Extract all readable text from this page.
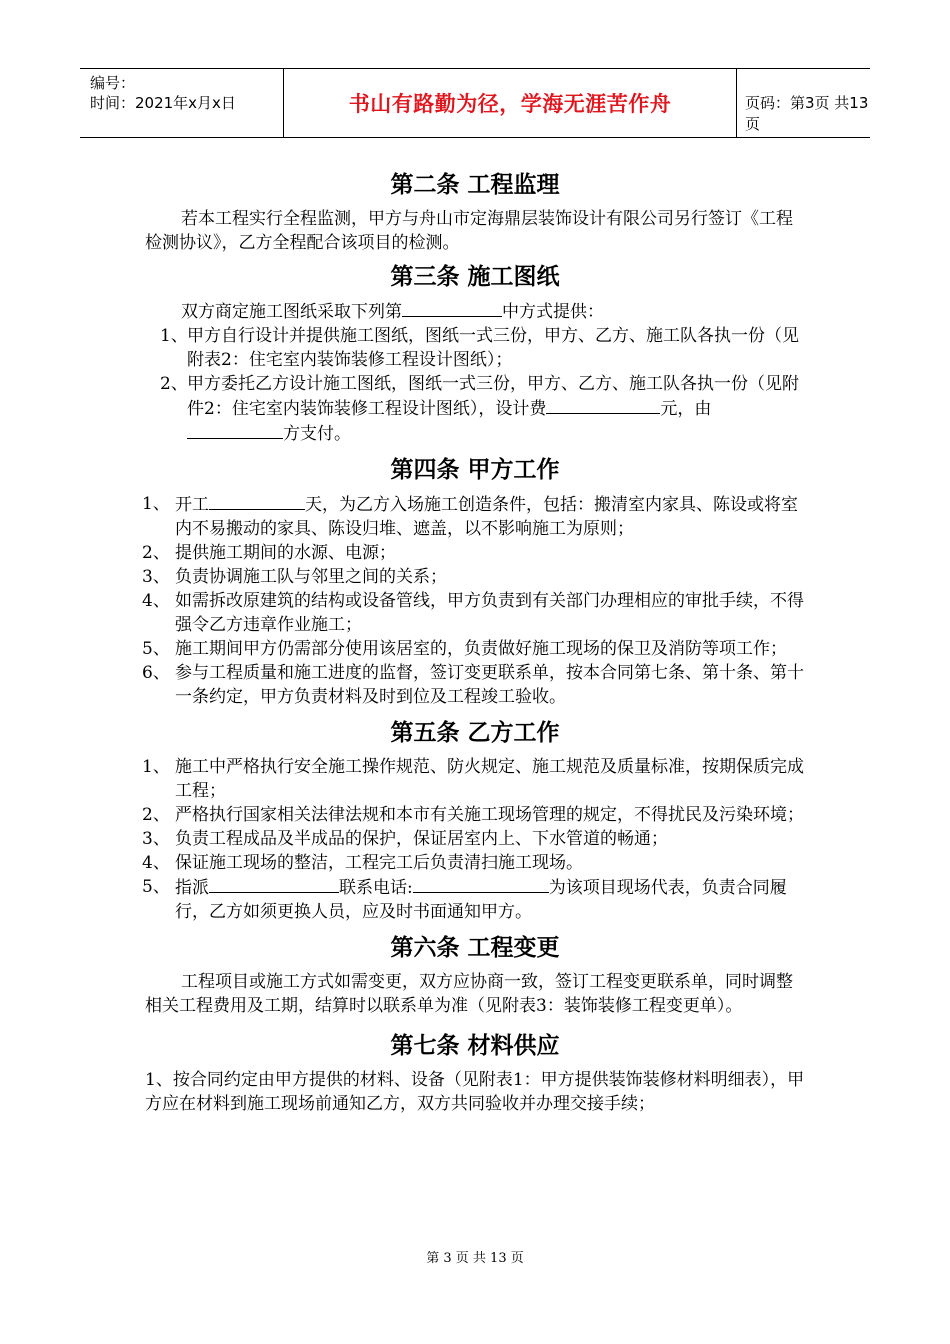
编号：
时间：2021年x月x日	书山有路勤为径，学海无涯苦作舟	页码：第3页 共13页
第二条 工程监理

若本工程实行全程监测，甲方与舟山市定海鼎层装饰设计有限公司另行签订《工程检测协议》，乙方全程配合该项目的检测。

第三条 施工图纸

双方商定施工图纸采取下列第	中方式提供：

1、 甲方自行设计并提供施工图纸，图纸一式三份，甲方、乙方、施工队各执一份（见附表2：住宅室内装饰装修工程设计图纸）；
2、 甲方委托乙方设计施工图纸，图纸一式三份，甲方、乙方、施工队各执一份（见附件2：住宅室内装饰装修工程设计图纸），设计费	元，由方支付。
第四条 甲方工作
1、 开工	天，为乙方入场施工创造条件，包括：搬清室内家具、陈设或将室内不易搬动的家具、陈设归堆、遮盖，以不影响施工为原则；
2、 提供施工期间的水源、电源；
3、 负责协调施工队与邻里之间的关系；
4、 如需拆改原建筑的结构或设备管线，甲方负责到有关部门办理相应的审批手续，不得强令乙方违章作业施工；
5、 施工期间甲方仍需部分使用该居室的，负责做好施工现场的保卫及消防等项工作；
6、 参与工程质量和施工进度的监督，签订变更联系单，按本合同第七条、第十条、第十一条约定，甲方负责材料及时到位及工程竣工验收。
第五条 乙方工作
1、 施工中严格执行安全施工操作规范、防火规定、施工规范及质量标准，按期保质完成工程；
2、 严格执行国家相关法律法规和本市有关施工现场管理的规定，不得扰民及污染环境；
3、 负责工程成品及半成品的保护，保证居室内上、下水管道的畅通；
4、 保证施工现场的整洁，工程完工后负责清扫施工现场。
5、 指派	联系电话:	为该项目现场代表，负责合同履行，乙方如须更换人员，应及时书面通知甲方。
第六条 工程变更

工程项目或施工方式如需变更，双方应协商一致，签订工程变更联系单，同时调整相关工程费用及工期，结算时以联系单为准（见附表3：装饰装修工程变更单）。

第七条 材料供应

1、按合同约定由甲方提供的材料、设备（见附表1：甲方提供装饰装修材料明细表），甲方应在材料到施工现场前通知乙方，双方共同验收并办理交接手续；

第 3 页 共 13 页
